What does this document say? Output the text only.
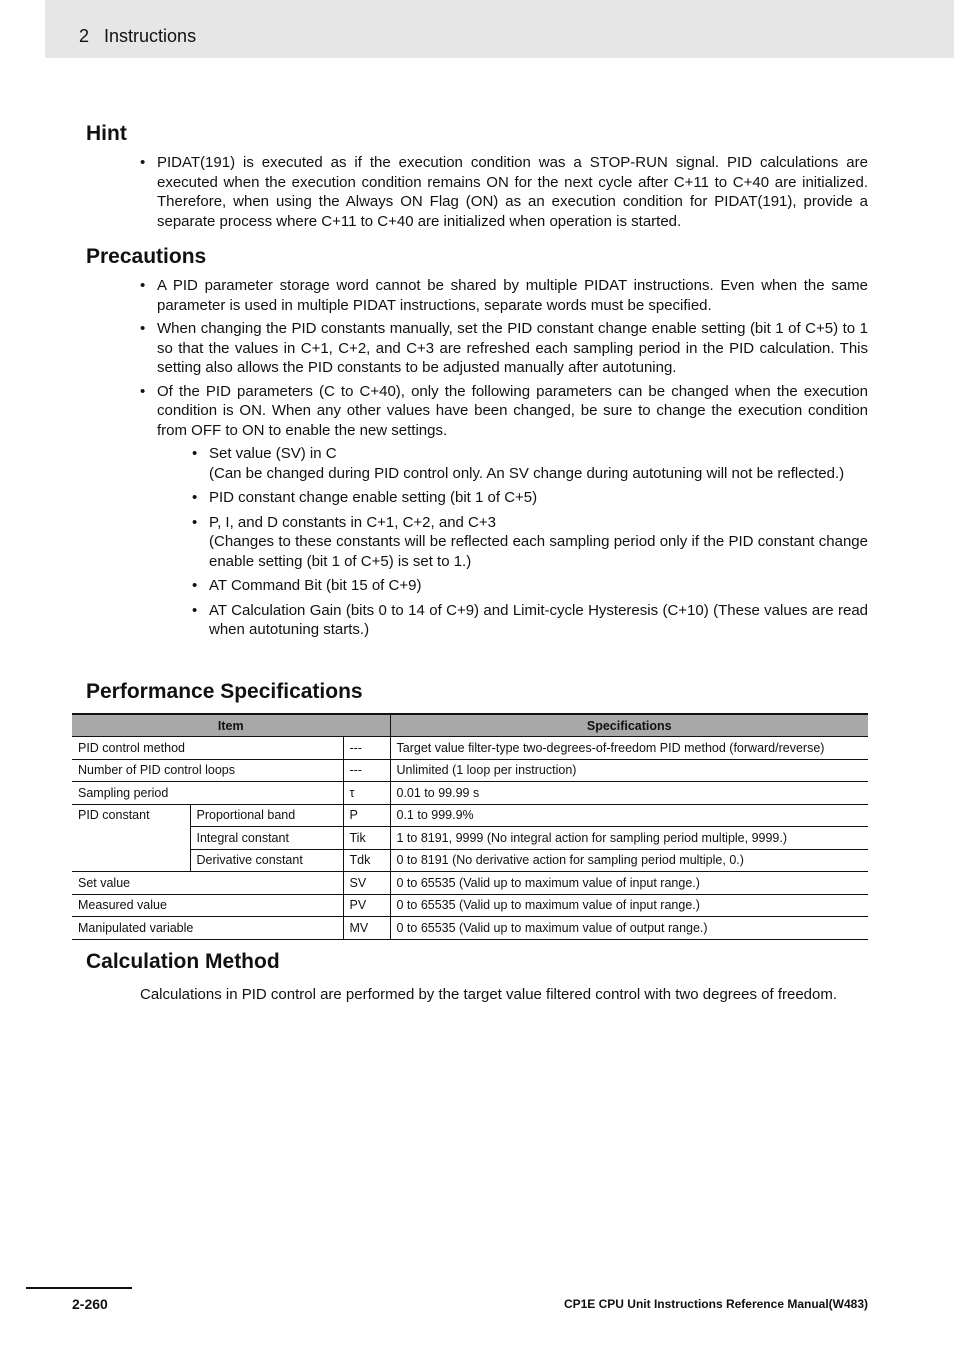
2 Instructions
Hint
• PIDAT(191) is executed as if the execution condition was a STOP-RUN signal. PID calculations are executed when the execution condition remains ON for the next cycle after C+11 to C+40 are initialized. Therefore, when using the Always ON Flag (ON) as an execution condition for PIDAT(191), provide a separate process where C+11 to C+40 are initialized when operation is started.
Precautions
• A PID parameter storage word cannot be shared by multiple PIDAT instructions. Even when the same parameter is used in multiple PIDAT instructions, separate words must be specified.
• When changing the PID constants manually, set the PID constant change enable setting (bit 1 of C+5) to 1 so that the values in C+1, C+2, and C+3 are refreshed each sampling period in the PID calculation. This setting also allows the PID constants to be adjusted manually after autotuning.
• Of the PID parameters (C to C+40), only the following parameters can be changed when the execution condition is ON. When any other values have been changed, be sure to change the execution condition from OFF to ON to enable the new settings.
• Set value (SV) in C
(Can be changed during PID control only. An SV change during autotuning will not be reflected.)
• PID constant change enable setting (bit 1 of C+5)
• P, I, and D constants in C+1, C+2, and C+3
(Changes to these constants will be reflected each sampling period only if the PID constant change enable setting (bit 1 of C+5) is set to 1.)
• AT Command Bit (bit 15 of C+9)
• AT Calculation Gain (bits 0 to 14 of C+9) and Limit-cycle Hysteresis (C+10) (These values are read when autotuning starts.)
Performance Specifications
Item			Specifications
PID control method		---	Target value filter-type two-degrees-of-freedom PID method (forward/reverse)
Number of PID control loops		---	Unlimited (1 loop per instruction)
Sampling period		τ	0.01 to 99.99 s
PID constant	Proportional band	P	0.1 to 999.9%
	Integral constant	Tik	1 to 8191, 9999 (No integral action for sampling period multiple, 9999.)
	Derivative constant	Tdk	0 to 8191 (No derivative action for sampling period multiple, 0.)
Set value		SV	0 to 65535 (Valid up to maximum value of input range.)
Measured value		PV	0 to 65535 (Valid up to maximum value of input range.)
Manipulated variable		MV	0 to 65535 (Valid up to maximum value of output range.)
Calculation Method

Calculations in PID control are performed by the target value filtered control with two degrees of freedom.

2-260	CP1E CPU Unit Instructions Reference Manual(W483)
